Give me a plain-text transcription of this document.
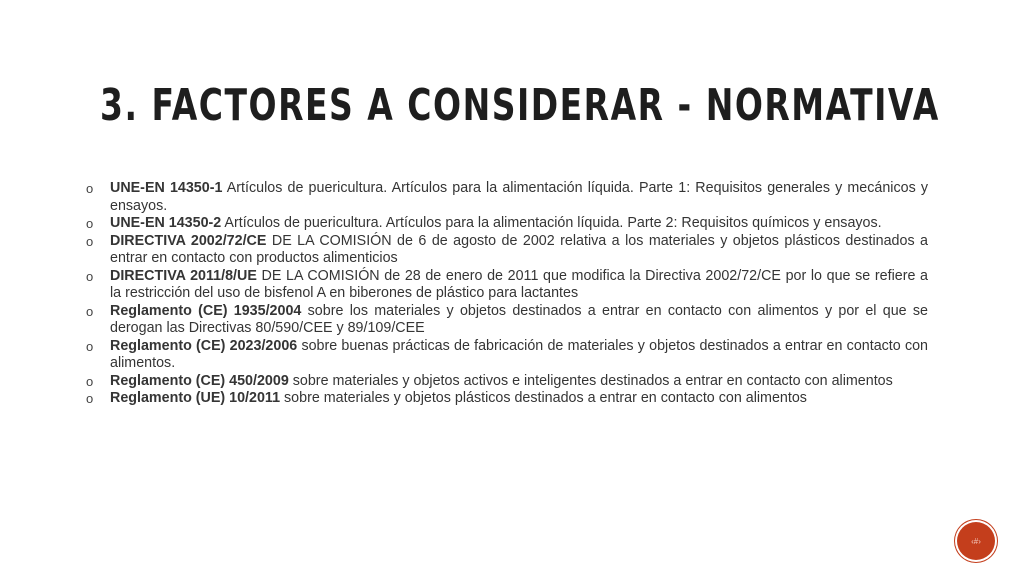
3. FACTORES A CONSIDERAR - NORMATIVA
o UNE-EN 14350-1 Artículos de puericultura. Artículos para la alimentación líquida. Parte 1: Requisitos generales y mecánicos y ensayos.
o UNE-EN 14350-2 Artículos de puericultura. Artículos para la alimentación líquida. Parte 2: Requisitos químicos y ensayos.
o DIRECTIVA 2002/72/CE DE LA COMISIÓN de 6 de agosto de 2002 relativa a los materiales y objetos plásticos destinados a entrar en contacto con productos alimenticios
o DIRECTIVA 2011/8/UE DE LA COMISIÓN de 28 de enero de 2011 que modifica la Directiva 2002/72/CE por lo que se refiere a la restricción del uso de bisfenol A en biberones de plástico para lactantes
o Reglamento (CE) 1935/2004 sobre los materiales y objetos destinados a entrar en contacto con alimentos y por el que se derogan las Directivas 80/590/CEE y 89/109/CEE
o Reglamento (CE) 2023/2006 sobre buenas prácticas de fabricación de materiales y objetos destinados a entrar en contacto con alimentos.
o Reglamento (CE) 450/2009 sobre materiales y objetos activos e inteligentes destinados a entrar en contacto con alimentos
o Reglamento (UE) 10/2011 sobre materiales y objetos plásticos destinados a entrar en contacto con alimentos
‹#›
